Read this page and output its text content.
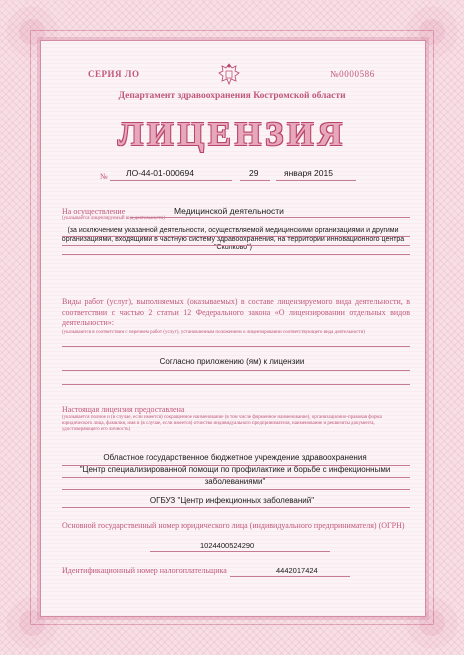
СЕРИЯ ЛО	№0000586
Департамент здравоохранения Костромской области
ЛИЦЕНЗИЯ
№ ЛО-44-01-000694	29	января 2015
На осуществление
(указывается лицензируемый вид деятельности)
Медицинской деятельности
(за исключением указанной деятельности, осуществляемой медицинскими организациями и другими организациями, входящими в частную систему здравоохранения, на территории инновационного центра "Сколково")
Виды работ (услуг), выполняемых (оказываемых) в составе лицензируемого вида деятельности, в соответствии с частью 2 статьи 12 Федерального закона «О лицензировании отдельных видов деятельности»:
(указываются в соответствии с перечнем работ (услуг), установленным положением о лицензировании соответствующего вида деятельности)
Согласно приложению (ям) к лицензии
Настоящая лицензия предоставлена
(указывается полное и (в случае, если имеется) сокращенное наименование (в том числе фирменное наименование), организационно-правовая форма юридического лица, фамилия, имя и (в случае, если имеется) отчество индивидуального предпринимателя, наименование и реквизиты документа, удостоверяющего его личность)
Областное государственное бюджетное учреждение здравоохранения
"Центр специализированной помощи по профилактике и борьбе с инфекционными заболеваниями"
ОГБУЗ "Центр инфекционных заболеваний"
Основной государственный номер юридического лица (индивидуального предпринимателя) (ОГРН)
1024400524290
Идентификационный номер налогоплательщика	4442017424
